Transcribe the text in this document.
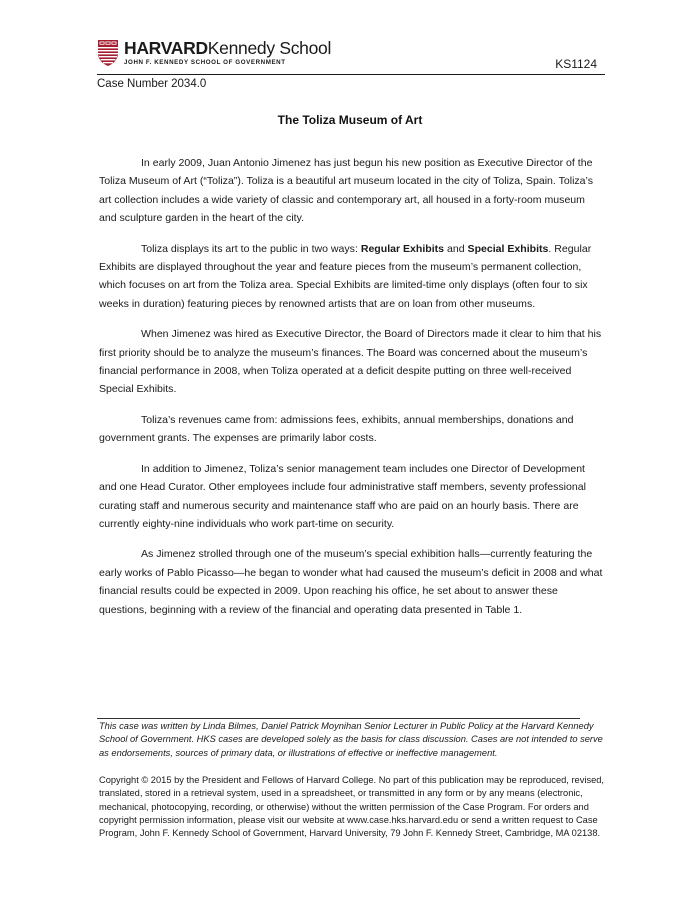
HARVARDKennedy School
JOHN F. KENNEDY SCHOOL OF GOVERNMENT	KS1124
Case Number 2034.0
The Toliza Museum of Art

In early 2009, Juan Antonio Jimenez has just begun his new position as Executive Director of the Toliza Museum of Art (“Toliza”). Toliza is a beautiful art museum located in the city of Toliza, Spain. Toliza’s art collection includes a wide variety of classic and contemporary art, all housed in a forty-room museum and sculpture garden in the heart of the city.

Toliza displays its art to the public in two ways: Regular Exhibits and Special Exhibits. Regular Exhibits are displayed throughout the year and feature pieces from the museum’s permanent collection, which focuses on art from the Toliza area. Special Exhibits are limited-time only displays (often four to six weeks in duration) featuring pieces by renowned artists that are on loan from other museums.

When Jimenez was hired as Executive Director, the Board of Directors made it clear to him that his first priority should be to analyze the museum’s finances. The Board was concerned about the museum’s financial performance in 2008, when Toliza operated at a deficit despite putting on three well-received Special Exhibits.

Toliza’s revenues came from: admissions fees, exhibits, annual memberships, donations and government grants. The expenses are primarily labor costs.

In addition to Jimenez, Toliza’s senior management team includes one Director of Development and one Head Curator. Other employees include four administrative staff members, seventy professional curating staff and numerous security and maintenance staff who are paid on an hourly basis. There are currently eighty-nine individuals who work part-time on security.

As Jimenez strolled through one of the museum’s special exhibition halls—currently featuring the early works of Pablo Picasso—he began to wonder what had caused the museum’s deficit in 2008 and what financial results could be expected in 2009. Upon reaching his office, he set about to answer these questions, beginning with a review of the financial and operating data presented in Table 1.

This case was written by Linda Bilmes, Daniel Patrick Moynihan Senior Lecturer in Public Policy at the Harvard Kennedy School of Government. HKS cases are developed solely as the basis for class discussion. Cases are not intended to serve as endorsements, sources of primary data, or illustrations of effective or ineffective management.
Copyright © 2015 by the President and Fellows of Harvard College. No part of this publication may be reproduced, revised, translated, stored in a retrieval system, used in a spreadsheet, or transmitted in any form or by any means (electronic, mechanical, photocopying, recording, or otherwise) without the written permission of the Case Program. For orders and copyright permission information, please visit our website at www.case.hks.harvard.edu or send a written request to Case Program, John F. Kennedy School of Government, Harvard University, 79 John F. Kennedy Street, Cambridge, MA 02138.
